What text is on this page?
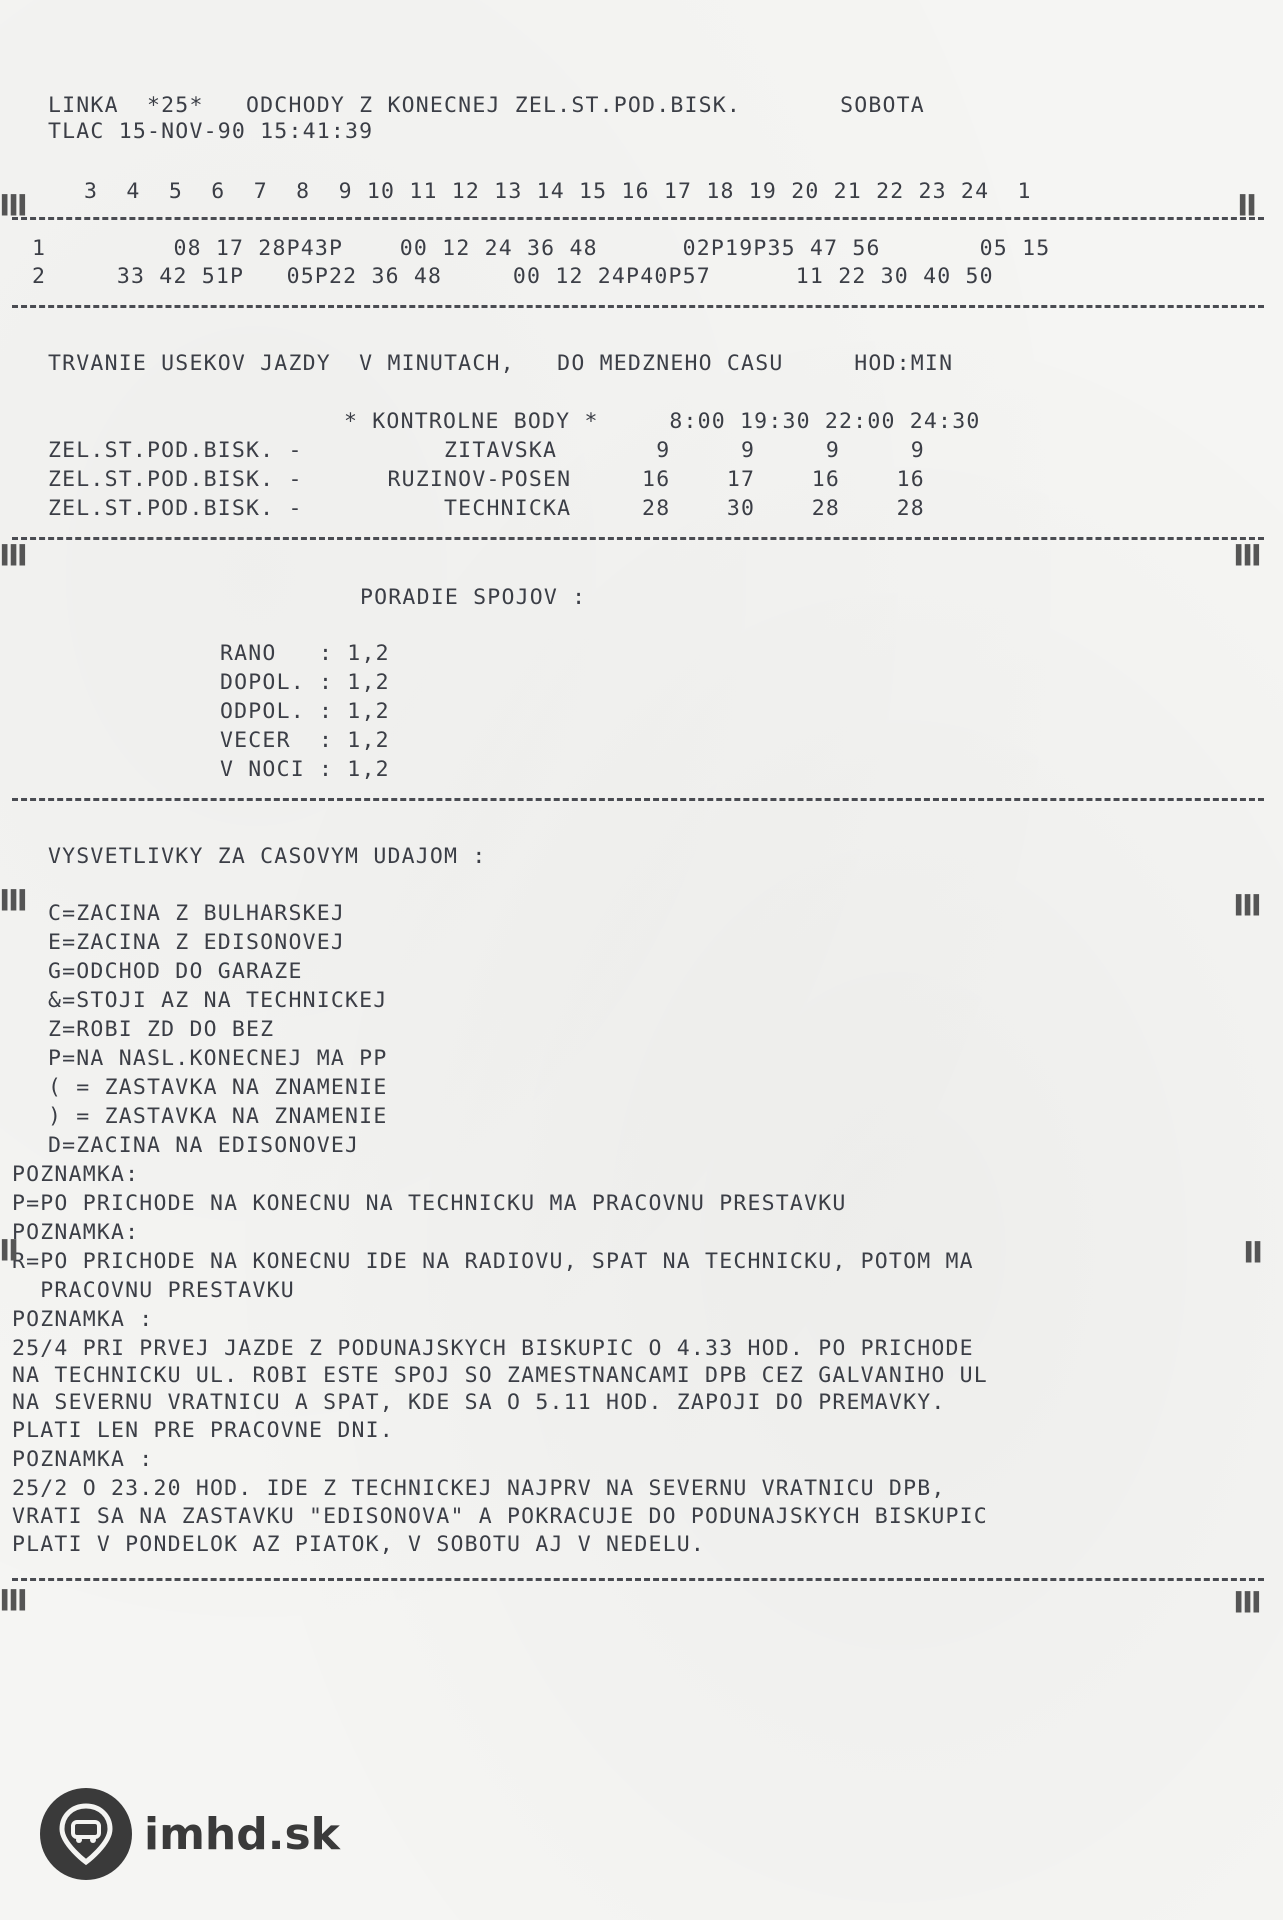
LINKA  *25*   ODCHODY Z KONECNEJ ZEL.ST.POD.BISK.       SOBOTA
TLAC 15-NOV-90 15:41:39
3  4  5  6  7  8  9 10 11 12 13 14 15 16 17 18 19 20 21 22 23 24  1
1         08 17 28P43P    00 12 24 36 48      02P19P35 47 56       05 15
2     33 42 51P   05P22 36 48     00 12 24P40P57      11 22 30 40 50
TRVANIE USEKOV JAZDY  V MINUTACH,   DO MEDZNEHO CASU     HOD:MIN
* KONTROLNE BODY *     8:00 19:30 22:00 24:30
ZEL.ST.POD.BISK. -          ZITAVSKA       9     9     9     9
ZEL.ST.POD.BISK. -      RUZINOV-POSEN     16    17    16    16
ZEL.ST.POD.BISK. -          TECHNICKA     28    30    28    28
PORADIE SPOJOV :
RANO   : 1,2
DOPOL. : 1,2
ODPOL. : 1,2
VECER  : 1,2
V NOCI : 1,2
VYSVETLIVKY ZA CASOVYM UDAJOM :
C=ZACINA Z BULHARSKEJ
E=ZACINA Z EDISONOVEJ
G=ODCHOD DO GARAZE
&=STOJI AZ NA TECHNICKEJ
Z=ROBI ZD DO BEZ
P=NA NASL.KONECNEJ MA PP
( = ZASTAVKA NA ZNAMENIE
) = ZASTAVKA NA ZNAMENIE
D=ZACINA NA EDISONOVEJ
POZNAMKA:
P=PO PRICHODE NA KONECNU NA TECHNICKU MA PRACOVNU PRESTAVKU
POZNAMKA:
R=PO PRICHODE NA KONECNU IDE NA RADIOVU, SPAT NA TECHNICKU, POTOM MA
PRACOVNU PRESTAVKU
POZNAMKA :
25/4 PRI PRVEJ JAZDE Z PODUNAJSKYCH BISKUPIC O 4.33 HOD. PO PRICHODE
NA TECHNICKU UL. ROBI ESTE SPOJ SO ZAMESTNANCAMI DPB CEZ GALVANIHO UL
NA SEVERNU VRATNICU A SPAT, KDE SA O 5.11 HOD. ZAPOJI DO PREMAVKY.
PLATI LEN PRE PRACOVNE DNI.
POZNAMKA :
25/2 O 23.20 HOD. IDE Z TECHNICKEJ NAJPRV NA SEVERNU VRATNICU DPB,
VRATI SA NA ZASTAVKU "EDISONOVA" A POKRACUJE DO PODUNAJSKYCH BISKUPIC
PLATI V PONDELOK AZ PIATOK, V SOBOTU AJ V NEDELU.
▌▌▌	▌▌
▌▌▌	▌▌▌
▌▌▌	▌▌▌
▌▌	▌▌
▌▌▌	▌▌▌
imhd.sk
